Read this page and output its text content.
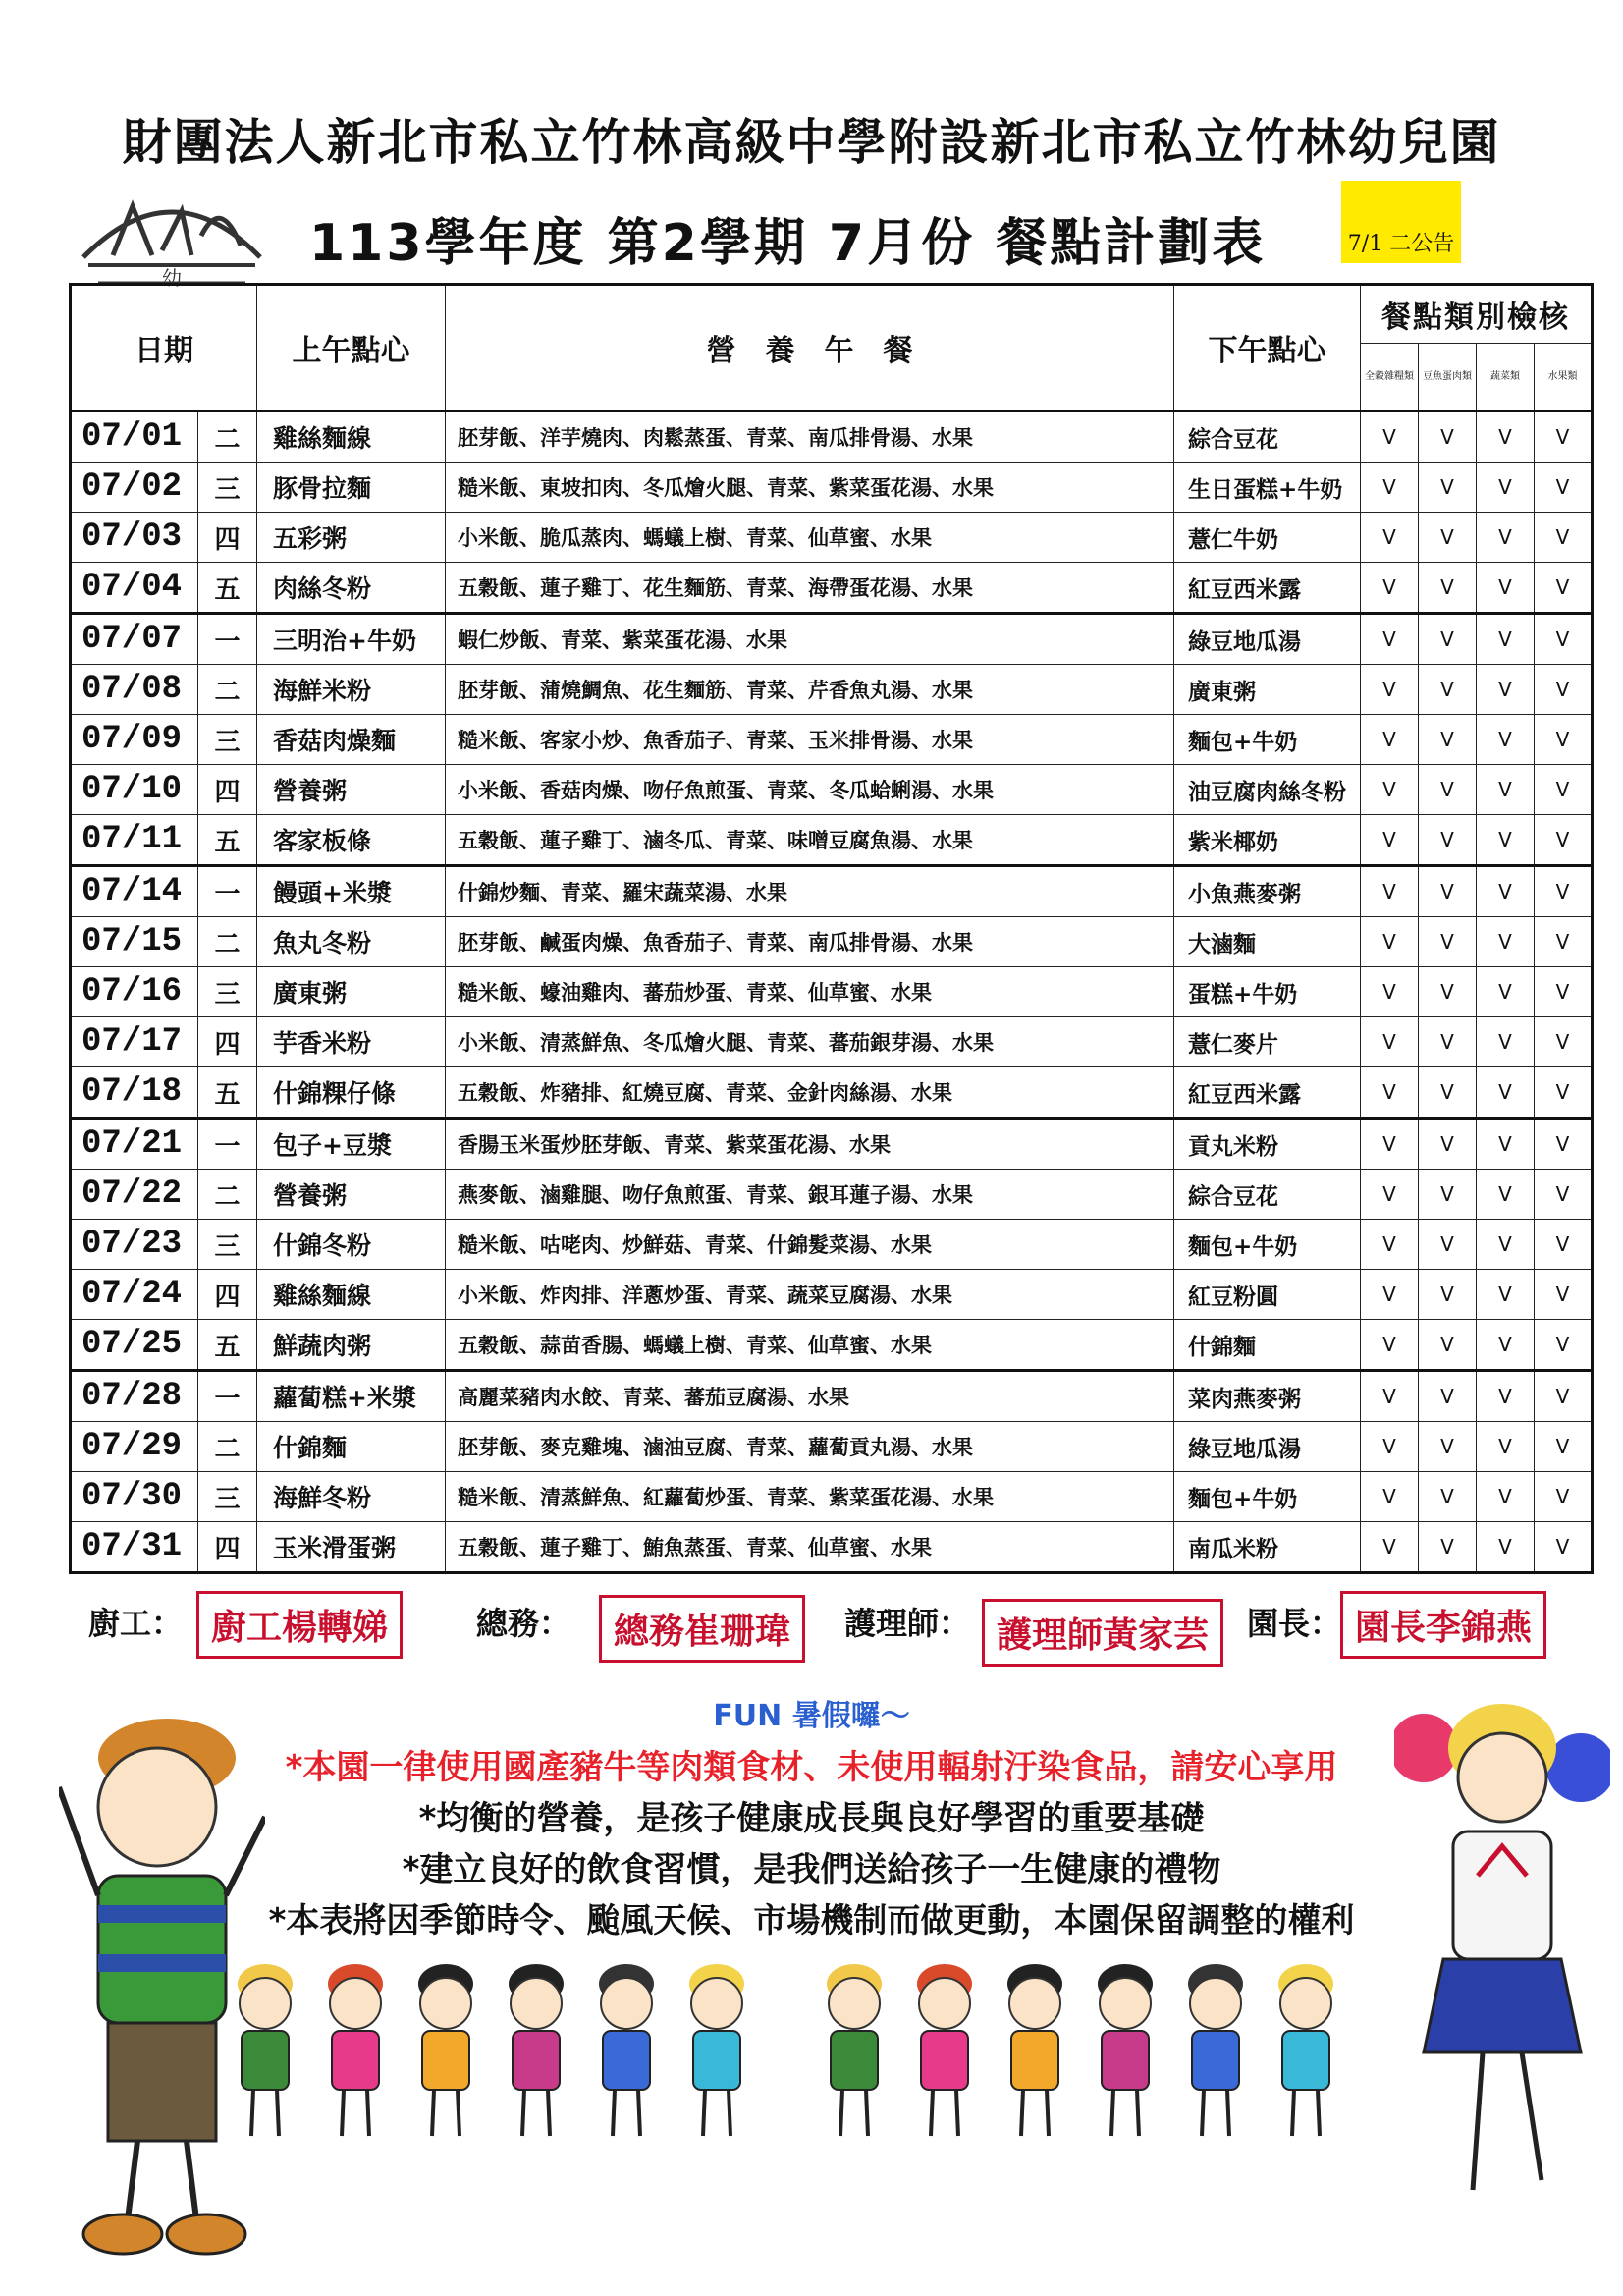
財團法人新北市私立竹林高級中學附設新北市私立竹林幼兒園
幼
113學年度 第2學期 7月份 餐點計劃表	7/1 二公告
日期		上午點心	營　養　午　餐	下午點心	餐點類別檢核			
					全穀雜糧類	豆魚蛋肉類	蔬菜類	水果類
07/01	二	雞絲麵線	胚芽飯、洋芋燒肉、肉鬆蒸蛋、青菜、南瓜排骨湯、水果	綜合豆花	V	V	V	V
07/02	三	豚骨拉麵	糙米飯、東坡扣肉、冬瓜燴火腿、青菜、紫菜蛋花湯、水果	生日蛋糕+牛奶	V	V	V	V
07/03	四	五彩粥	小米飯、脆瓜蒸肉、螞蟻上樹、青菜、仙草蜜、水果	薏仁牛奶	V	V	V	V
07/04	五	肉絲冬粉	五穀飯、蓮子雞丁、花生麵筋、青菜、海帶蛋花湯、水果	紅豆西米露	V	V	V	V
07/07	一	三明治+牛奶	蝦仁炒飯、青菜、紫菜蛋花湯、水果	綠豆地瓜湯	V	V	V	V
07/08	二	海鮮米粉	胚芽飯、蒲燒鯛魚、花生麵筋、青菜、芹香魚丸湯、水果	廣東粥	V	V	V	V
07/09	三	香菇肉燥麵	糙米飯、客家小炒、魚香茄子、青菜、玉米排骨湯、水果	麵包+牛奶	V	V	V	V
07/10	四	營養粥	小米飯、香菇肉燥、吻仔魚煎蛋、青菜、冬瓜蛤蜊湯、水果	油豆腐肉絲冬粉	V	V	V	V
07/11	五	客家板條	五穀飯、蓮子雞丁、滷冬瓜、青菜、味噌豆腐魚湯、水果	紫米椰奶	V	V	V	V
07/14	一	饅頭+米漿	什錦炒麵、青菜、羅宋蔬菜湯、水果	小魚燕麥粥	V	V	V	V
07/15	二	魚丸冬粉	胚芽飯、鹹蛋肉燥、魚香茄子、青菜、南瓜排骨湯、水果	大滷麵	V	V	V	V
07/16	三	廣東粥	糙米飯、蠔油雞肉、蕃茄炒蛋、青菜、仙草蜜、水果	蛋糕+牛奶	V	V	V	V
07/17	四	芋香米粉	小米飯、清蒸鮮魚、冬瓜燴火腿、青菜、蕃茄銀芽湯、水果	薏仁麥片	V	V	V	V
07/18	五	什錦粿仔條	五穀飯、炸豬排、紅燒豆腐、青菜、金針肉絲湯、水果	紅豆西米露	V	V	V	V
07/21	一	包子+豆漿	香腸玉米蛋炒胚芽飯、青菜、紫菜蛋花湯、水果	貢丸米粉	V	V	V	V
07/22	二	營養粥	燕麥飯、滷雞腿、吻仔魚煎蛋、青菜、銀耳蓮子湯、水果	綜合豆花	V	V	V	V
07/23	三	什錦冬粉	糙米飯、咕咾肉、炒鮮菇、青菜、什錦髮菜湯、水果	麵包+牛奶	V	V	V	V
07/24	四	雞絲麵線	小米飯、炸肉排、洋蔥炒蛋、青菜、蔬菜豆腐湯、水果	紅豆粉圓	V	V	V	V
07/25	五	鮮蔬肉粥	五穀飯、蒜苗香腸、螞蟻上樹、青菜、仙草蜜、水果	什錦麵	V	V	V	V
07/28	一	蘿蔔糕+米漿	高麗菜豬肉水餃、青菜、蕃茄豆腐湯、水果	菜肉燕麥粥	V	V	V	V
07/29	二	什錦麵	胚芽飯、麥克雞塊、滷油豆腐、青菜、蘿蔔貢丸湯、水果	綠豆地瓜湯	V	V	V	V
07/30	三	海鮮冬粉	糙米飯、清蒸鮮魚、紅蘿蔔炒蛋、青菜、紫菜蛋花湯、水果	麵包+牛奶	V	V	V	V
07/31	四	玉米滑蛋粥	五穀飯、蓮子雞丁、鮪魚蒸蛋、青菜、仙草蜜、水果	南瓜米粉	V	V	V	V
廚工： 廚工楊轉娣	總務：	總務崔珊瑋	護理師： 護理師黃家芸	園長： 園長李錦燕
FUN 暑假囉～
*本園一律使用國產豬牛等肉類食材、未使用輻射汙染食品，請安心享用
*均衡的營養，是孩子健康成長與良好學習的重要基礎
*建立良好的飲食習慣，是我們送給孩子一生健康的禮物
*本表將因季節時令、颱風天候、市場機制而做更動，本園保留調整的權利
